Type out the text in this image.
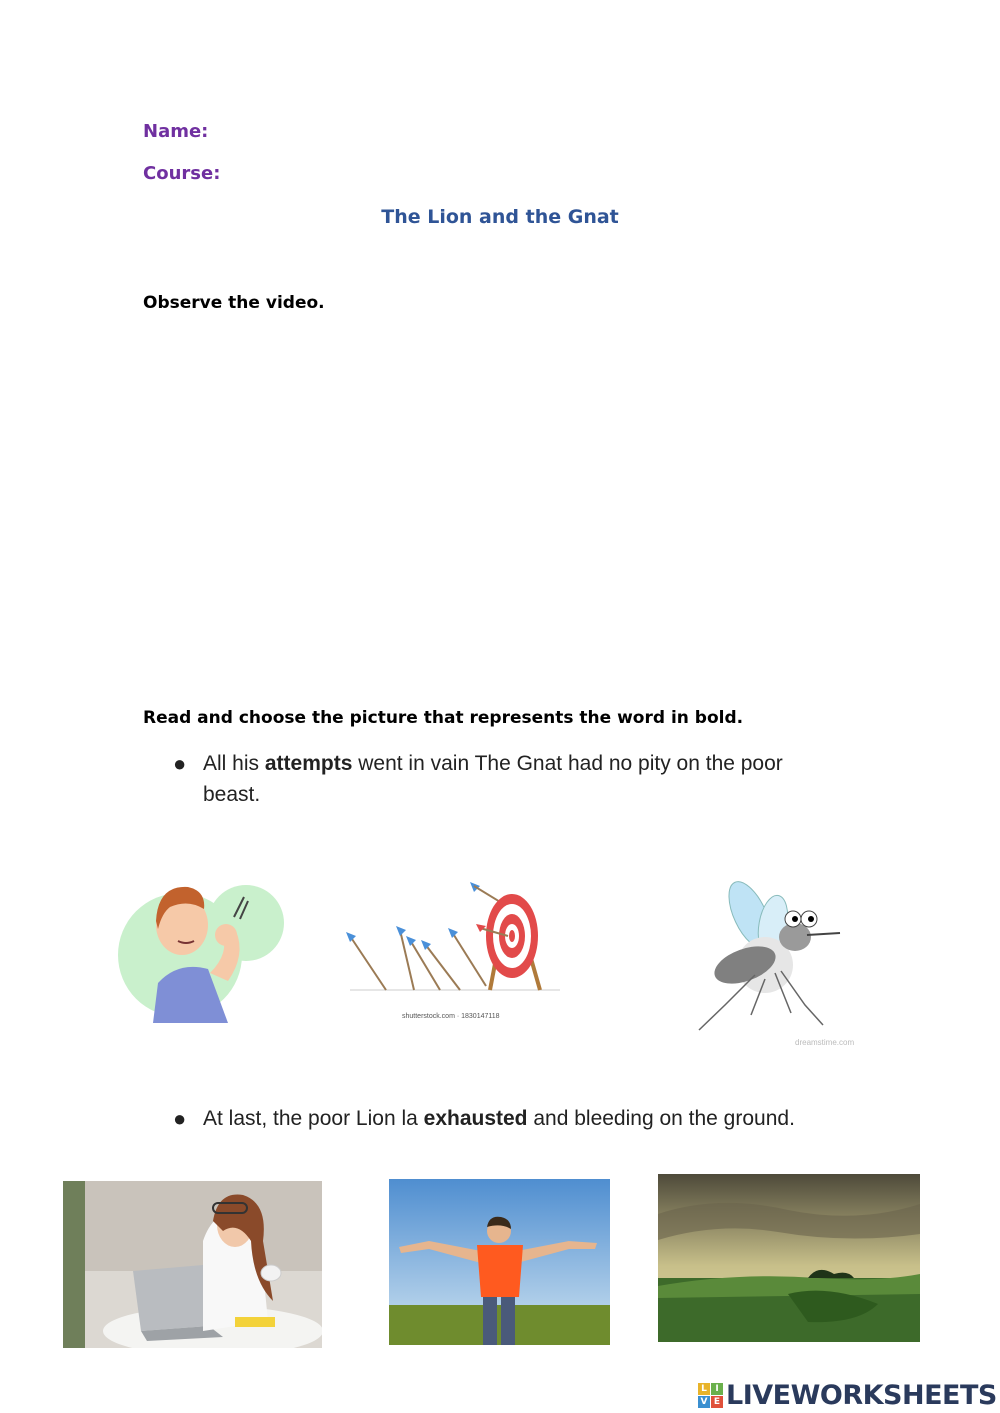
Name:
Course:
The Lion and the Gnat
Observe the video.
Read and choose the picture that represents the word in bold.
● All his attempts went in vain The Gnat had no pity on the poor beast.
shutterstock.com · 1830147118
dreamstime.com
● At last, the poor Lion la exhausted and bleeding on the ground.
L I
V E LIVEWORKSHEETS
